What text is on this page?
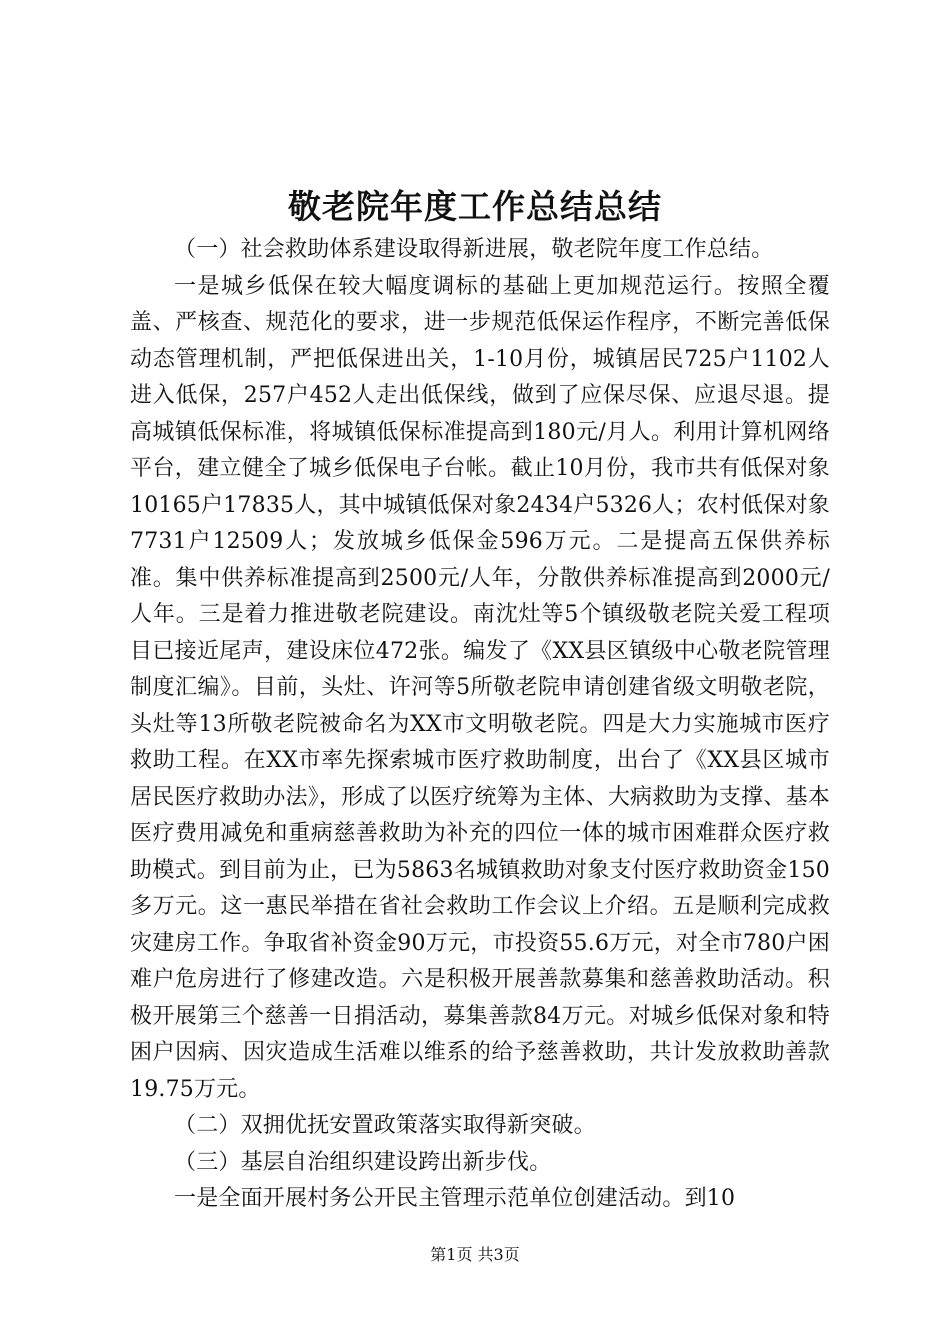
敬老院年度工作总结总结

（一）社会救助体系建设取得新进展，敬老院年度工作总结。

一是城乡低保在较大幅度调标的基础上更加规范运行。按照全覆盖、严核查、规范化的要求，进一步规范低保运作程序，不断完善低保动态管理机制，严把低保进出关，1-10月份，城镇居民725户1102人进入低保，257户452人走出低保线，做到了应保尽保、应退尽退。提高城镇低保标准，将城镇低保标准提高到180元/月人。利用计算机网络平台，建立健全了城乡低保电子台帐。截止10月份，我市共有低保对象10165户17835人，其中城镇低保对象2434户5326人；农村低保对象7731户12509人；发放城乡低保金596万元。二是提高五保供养标准。集中供养标准提高到2500元/人年，分散供养标准提高到2000元/人年。三是着力推进敬老院建设。南沈灶等5个镇级敬老院关爱工程项目已接近尾声，建设床位472张。编发了《XX县区镇级中心敬老院管理制度汇编》。目前，头灶、许河等5所敬老院申请创建省级文明敬老院，头灶等13所敬老院被命名为XX市文明敬老院。四是大力实施城市医疗救助工程。在XX市率先探索城市医疗救助制度，出台了《XX县区城市居民医疗救助办法》，形成了以医疗统筹为主体、大病救助为支撑、基本医疗费用减免和重病慈善救助为补充的四位一体的城市困难群众医疗救助模式。到目前为止，已为5863名城镇救助对象支付医疗救助资金150多万元。这一惠民举措在省社会救助工作会议上介绍。五是顺利完成救灾建房工作。争取省补资金90万元，市投资55.6万元，对全市780户困难户危房进行了修建改造。六是积极开展善款募集和慈善救助活动。积极开展第三个慈善一日捐活动，募集善款84万元。对城乡低保对象和特困户因病、因灾造成生活难以维系的给予慈善救助，共计发放救助善款19.75万元。

（二）双拥优抚安置政策落实取得新突破。

（三）基层自治组织建设跨出新步伐。

一是全面开展村务公开民主管理示范单位创建活动。到10

第1页 共3页
